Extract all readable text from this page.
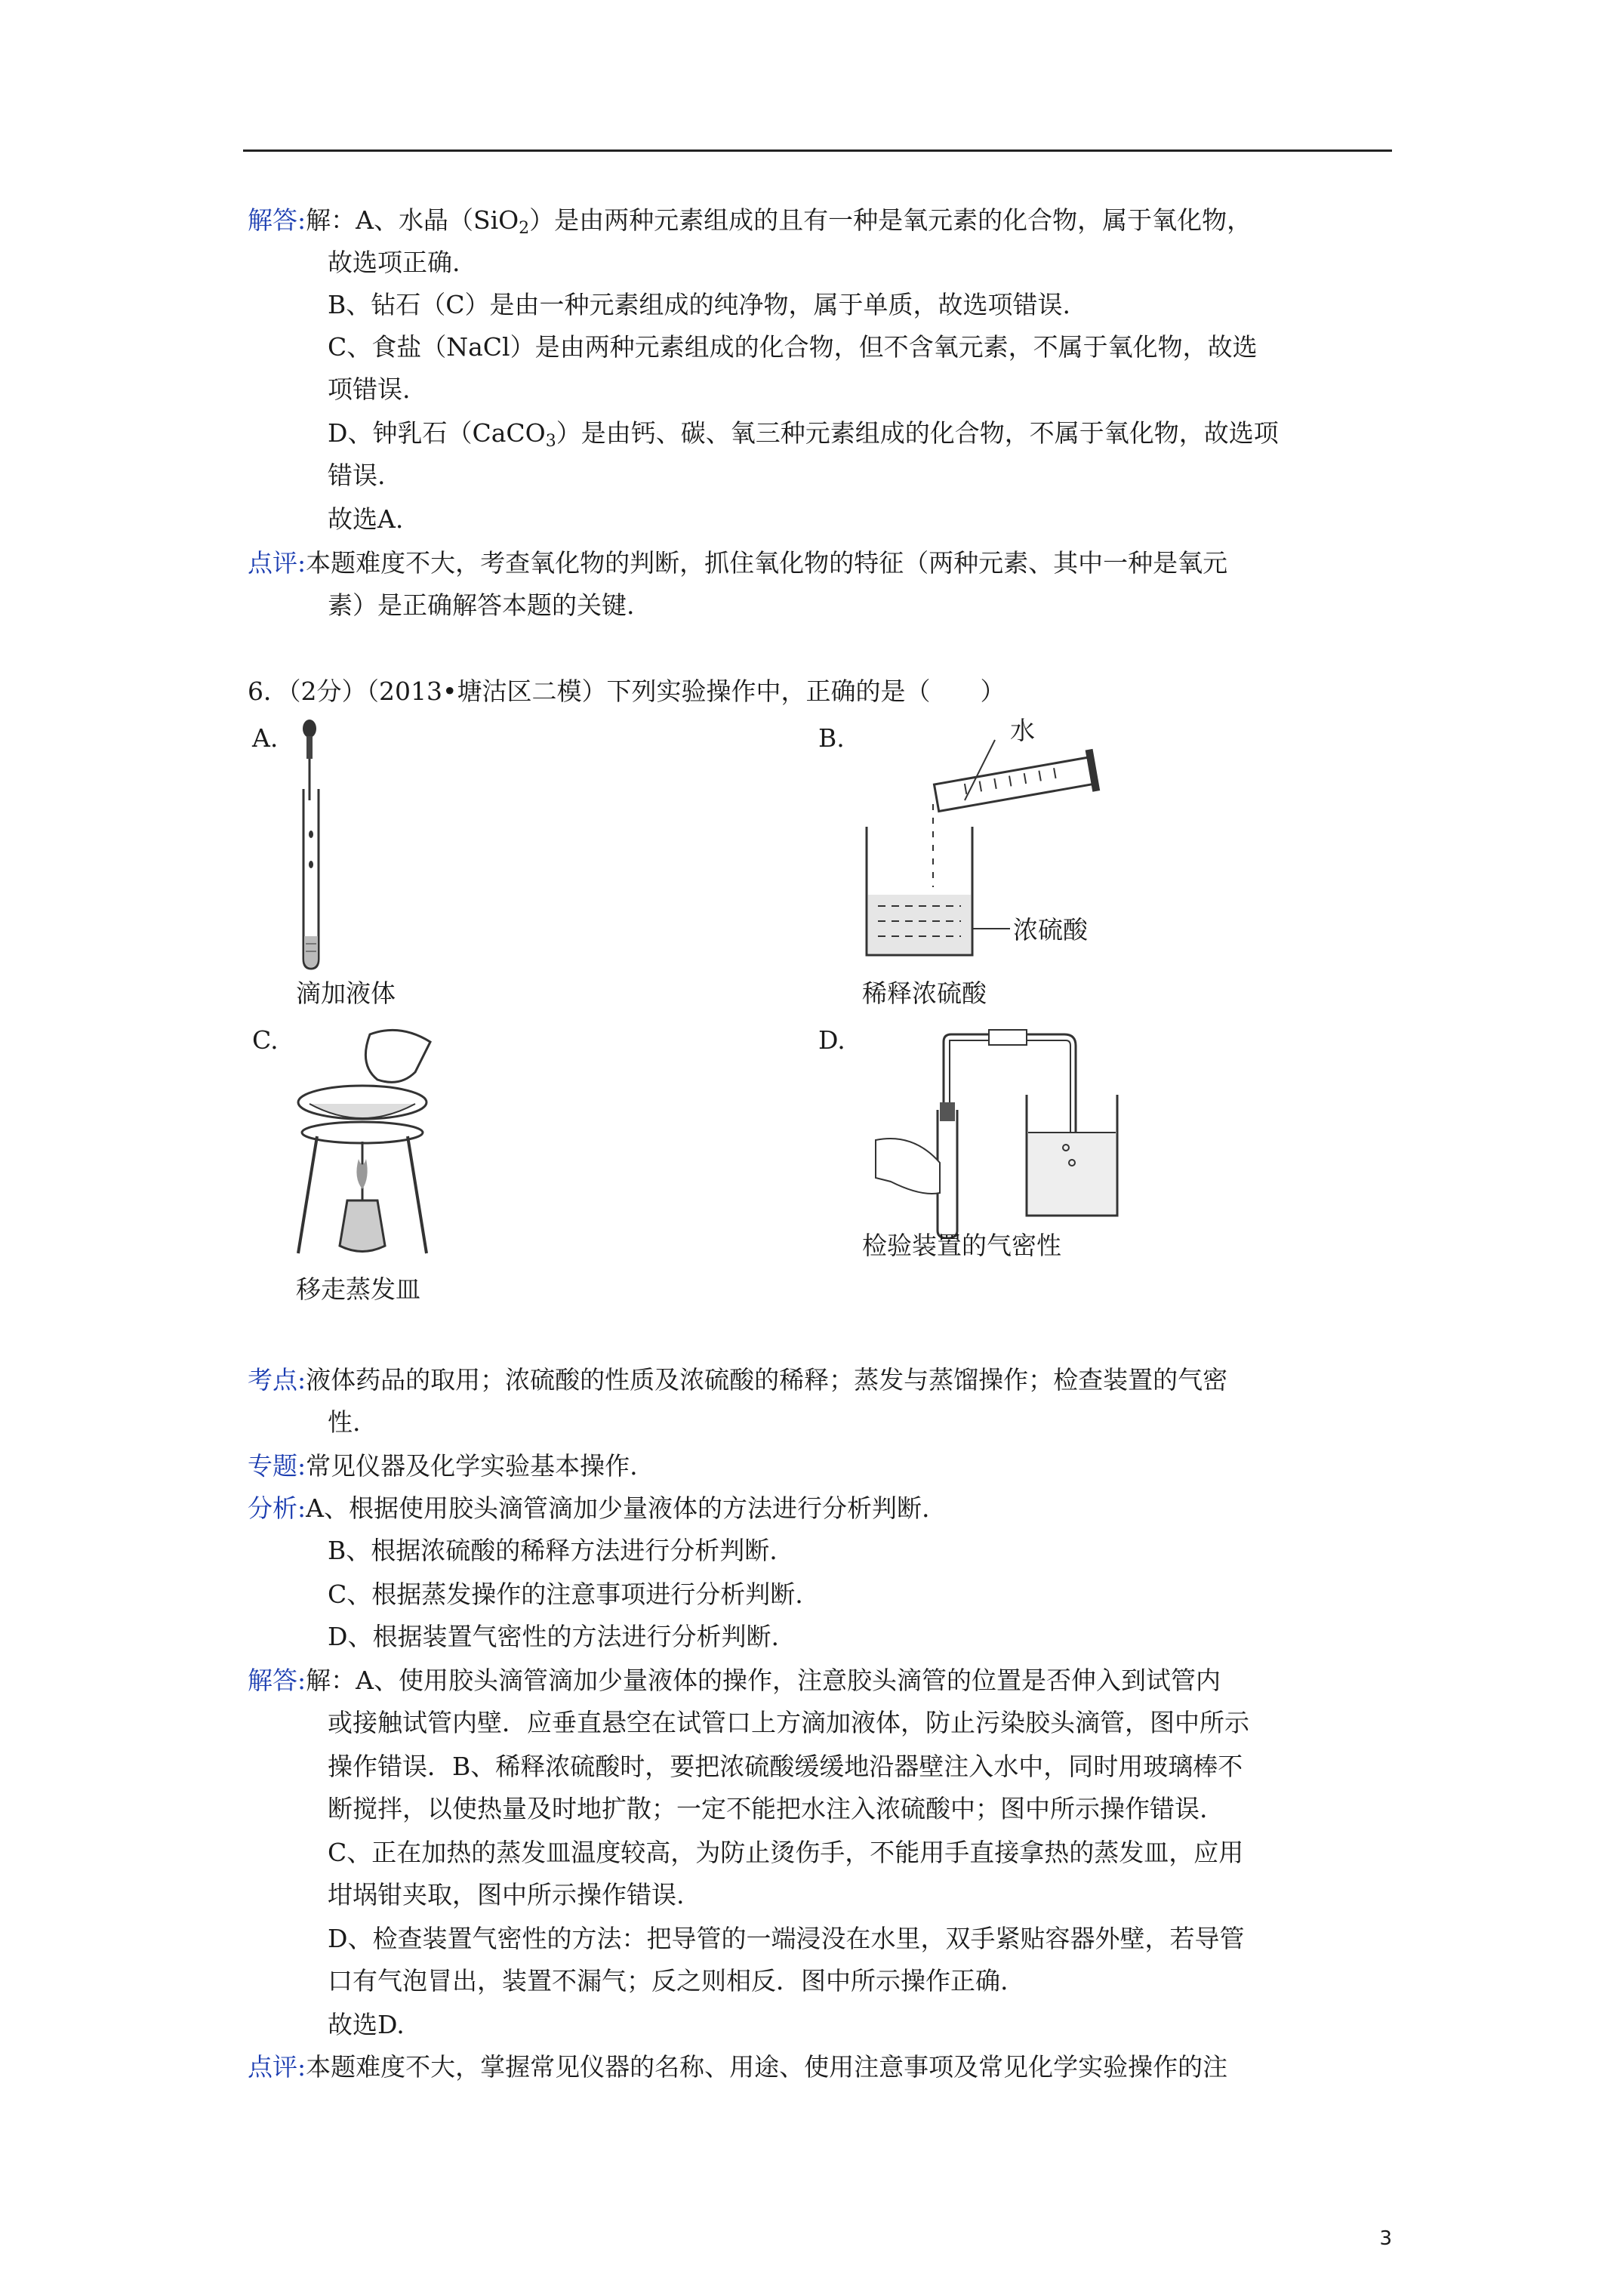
解答:解：A、水晶（SiO$_2$）是由两种元素组成的且有一种是氧元素的化合物，属于氧化物，
故选项正确.
B、钻石（C）是由一种元素组成的纯净物，属于单质，故选项错误.
C、食盐（NaCl）是由两种元素组成的化合物，但不含氧元素，不属于氧化物，故选
项错误.
D、钟乳石（CaCO$_3$）是由钙、碳、氧三种元素组成的化合物，不属于氧化物，故选项
错误.
故选A.
点评:本题难度不大，考查氧化物的判断，抓住氧化物的特征（两种元素、其中一种是氧元
素）是正确解答本题的关键.
6．（2分）（2013•塘沽区二模）下列实验操作中，正确的是（　　）
A.
滴加液体
B.	水
浓硫酸
稀释浓硫酸
C.
移走蒸发皿
D.
检验装置的气密性
考点:液体药品的取用；浓硫酸的性质及浓硫酸的稀释；蒸发与蒸馏操作；检查装置的气密
性.
专题:常见仪器及化学实验基本操作.
分析:A、根据使用胶头滴管滴加少量液体的方法进行分析判断.
B、根据浓硫酸的稀释方法进行分析判断.
C、根据蒸发操作的注意事项进行分析判断.
D、根据装置气密性的方法进行分析判断.
解答:解：A、使用胶头滴管滴加少量液体的操作，注意胶头滴管的位置是否伸入到试管内
或接触试管内壁．应垂直悬空在试管口上方滴加液体，防止污染胶头滴管，图中所示
操作错误．B、稀释浓硫酸时，要把浓硫酸缓缓地沿器壁注入水中，同时用玻璃棒不
断搅拌，以使热量及时地扩散；一定不能把水注入浓硫酸中；图中所示操作错误.
C、正在加热的蒸发皿温度较高，为防止烫伤手，不能用手直接拿热的蒸发皿，应用
坩埚钳夹取，图中所示操作错误.
D、检查装置气密性的方法：把导管的一端浸没在水里，双手紧贴容器外壁，若导管
口有气泡冒出，装置不漏气；反之则相反．图中所示操作正确.
故选D.
点评:本题难度不大，掌握常见仪器的名称、用途、使用注意事项及常见化学实验操作的注
3
